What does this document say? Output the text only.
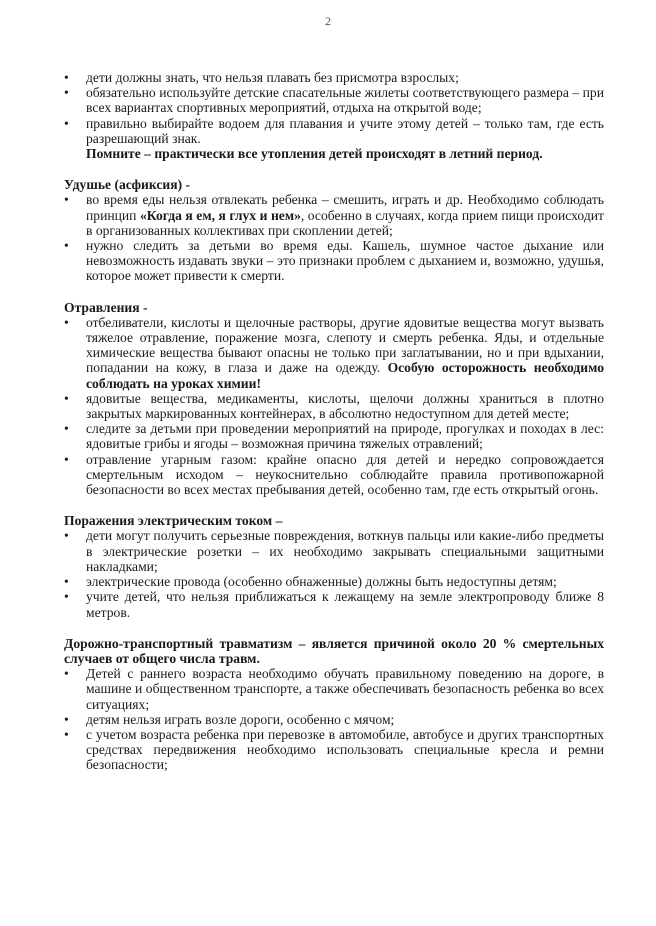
2
•	дети должны знать, что нельзя плавать без присмотра взрослых;
•	обязательно используйте детские спасательные жилеты соответствующего размера – при всех вариантах спортивных мероприятий, отдыха на открытой воде;
•	правильно выбирайте водоем для плавания и учите этому детей – только там, где есть разрешающий знак.

Помните – практически все утопления детей происходят в летний период.

Удушье (асфиксия) -

•	во время еды нельзя отвлекать ребенка – смешить, играть и др. Необходимо соблюдать принцип «Когда я ем, я глух и нем», особенно в случаях, когда прием пищи происходит в организованных коллективах при скоплении детей;
•	нужно следить за детьми во время еды. Кашель, шумное частое дыхание или невозможность издавать звуки – это признаки проблем с дыханием и, возможно, удушья, которое может привести к смерти.

Отравления -

•	отбеливатели, кислоты и щелочные растворы, другие ядовитые вещества могут вызвать тяжелое отравление, поражение мозга, слепоту и смерть ребенка. Яды, и отдельные химические вещества бывают опасны не только при заглатывании, но и при вдыхании, попадании на кожу, в глаза и даже на одежду. Особую осторожность необходимо соблюдать на уроках химии!
•	ядовитые вещества, медикаменты, кислоты, щелочи должны храниться в плотно закрытых маркированных контейнерах, в абсолютно недоступном для детей месте;
•	следите за детьми при проведении мероприятий на природе, прогулках и походах в лес: ядовитые грибы и ягоды – возможная причина тяжелых отравлений;
•	отравление угарным газом: крайне опасно для детей и нередко сопровождается смертельным исходом – неукоснительно соблюдайте правила противопожарной безопасности во всех местах пребывания детей, особенно там, где есть открытый огонь.

Поражения электрическим током –

•	дети могут получить серьезные повреждения, воткнув пальцы или какие-либо предметы в электрические розетки – их необходимо закрывать специальными защитными накладками;
•	электрические провода (особенно обнаженные) должны быть недоступны детям;
•	учите детей, что нельзя приближаться к лежащему на земле электропроводу ближе 8 метров.

Дорожно-транспортный травматизм – является причиной около 20 % смертельных случаев от общего числа травм.

•	Детей с раннего возраста необходимо обучать правильному поведению на дороге, в машине и общественном транспорте, а также обеспечивать безопасность ребенка во всех ситуациях;
•	детям нельзя играть возле дороги, особенно с мячом;
•	с учетом возраста ребенка при перевозке в автомобиле, автобусе и других транспортных средствах передвижения необходимо использовать специальные кресла и ремни безопасности;
